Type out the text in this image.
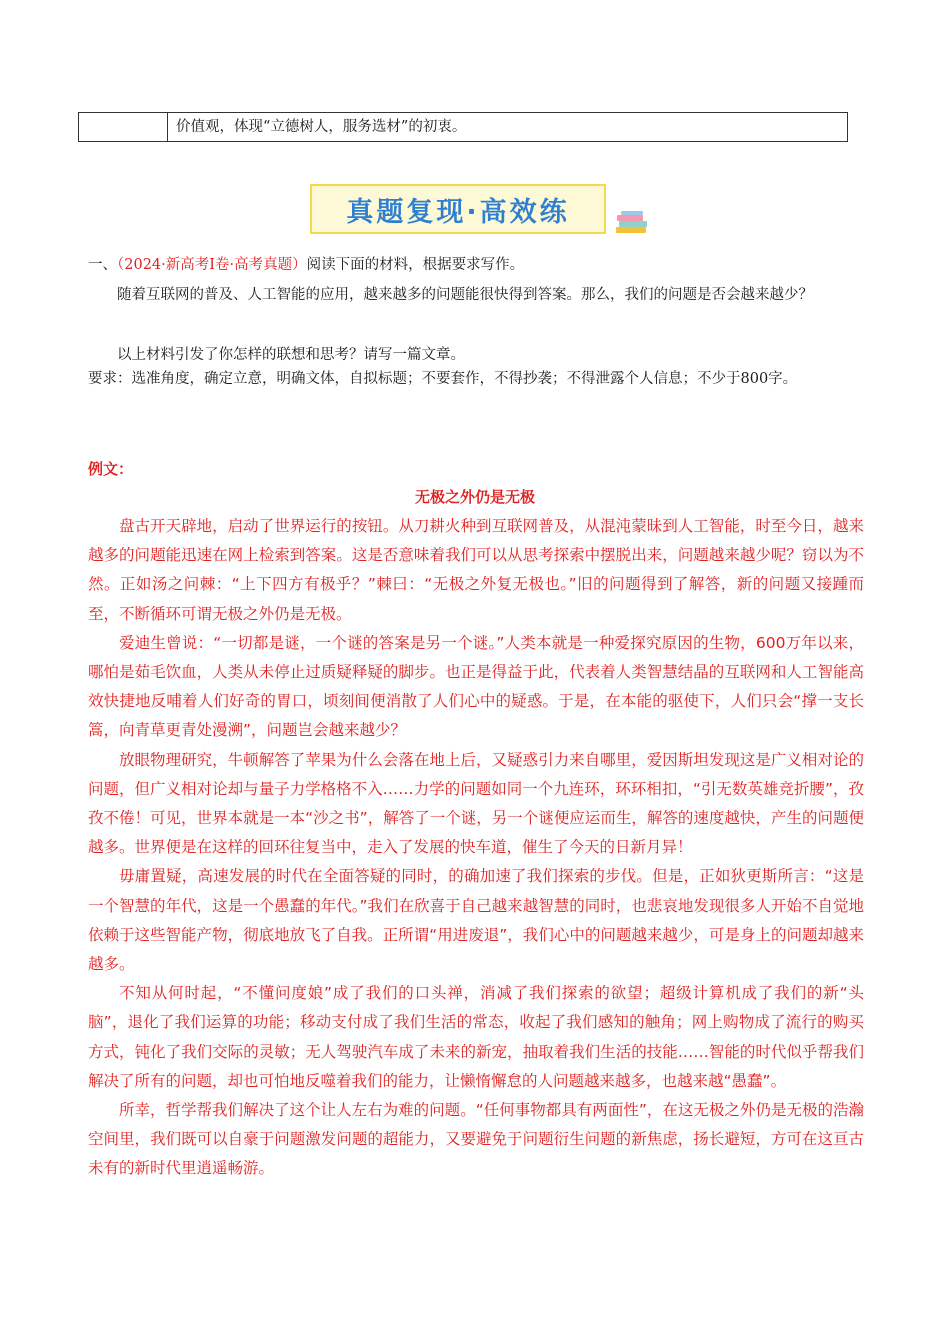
价值观，体现“立德树人，服务选材”的初衷。
真题复现·高效练
一、（2024·新高考Ⅰ卷·高考真题）阅读下面的材料，根据要求写作。
随着互联网的普及、人工智能的应用，越来越多的问题能很快得到答案。那么，我们的问题是否会越来越少？
以上材料引发了你怎样的联想和思考？请写一篇文章。
要求：选准角度，确定立意，明确文体，自拟标题；不要套作，不得抄袭；不得泄露个人信息；不少于800字。
例文：
无极之外仍是无极

盘古开天辟地，启动了世界运行的按钮。从刀耕火种到互联网普及，从混沌蒙昧到人工智能，时至今日，越来越多的问题能迅速在网上检索到答案。这是否意味着我们可以从思考探索中摆脱出来，问题越来越少呢？窃以为不然。正如汤之问棘：“上下四方有极乎？”棘曰：“无极之外复无极也。”旧的问题得到了解答，新的问题又接踵而至，不断循环可谓无极之外仍是无极。

爱迪生曾说：“一切都是谜，一个谜的答案是另一个谜。”人类本就是一种爱探究原因的生物，600万年以来，哪怕是茹毛饮血，人类从未停止过质疑释疑的脚步。也正是得益于此，代表着人类智慧结晶的互联网和人工智能高效快捷地反哺着人们好奇的胃口，顷刻间便消散了人们心中的疑惑。于是，在本能的驱使下，人们只会“撑一支长篙，向青草更青处漫溯”，问题岂会越来越少？

放眼物理研究，牛顿解答了苹果为什么会落在地上后，又疑惑引力来自哪里，爱因斯坦发现这是广义相对论的问题，但广义相对论却与量子力学格格不入……力学的问题如同一个九连环，环环相扣，“引无数英雄竞折腰”，孜孜不倦！可见，世界本就是一本“沙之书”，解答了一个谜，另一个谜便应运而生，解答的速度越快，产生的问题便越多。世界便是在这样的回环往复当中，走入了发展的快车道，催生了今天的日新月异！

毋庸置疑，高速发展的时代在全面答疑的同时，的确加速了我们探索的步伐。但是，正如狄更斯所言：“这是一个智慧的年代，这是一个愚蠢的年代。”我们在欣喜于自己越来越智慧的同时，也悲哀地发现很多人开始不自觉地依赖于这些智能产物，彻底地放飞了自我。正所谓“用进废退”，我们心中的问题越来越少，可是身上的问题却越来越多。

不知从何时起，“不懂问度娘”成了我们的口头禅，消减了我们探索的欲望；超级计算机成了我们的新“头脑”，退化了我们运算的功能；移动支付成了我们生活的常态，收起了我们感知的触角；网上购物成了流行的购买方式，钝化了我们交际的灵敏；无人驾驶汽车成了未来的新宠，抽取着我们生活的技能……智能的时代似乎帮我们解决了所有的问题，却也可怕地反噬着我们的能力，让懒惰懈怠的人问题越来越多，也越来越“愚蠢”。

所幸，哲学帮我们解决了这个让人左右为难的问题。“任何事物都具有两面性”，在这无极之外仍是无极的浩瀚空间里，我们既可以自豪于问题激发问题的超能力，又要避免于问题衍生问题的新焦虑，扬长避短，方可在这亘古未有的新时代里逍遥畅游。
